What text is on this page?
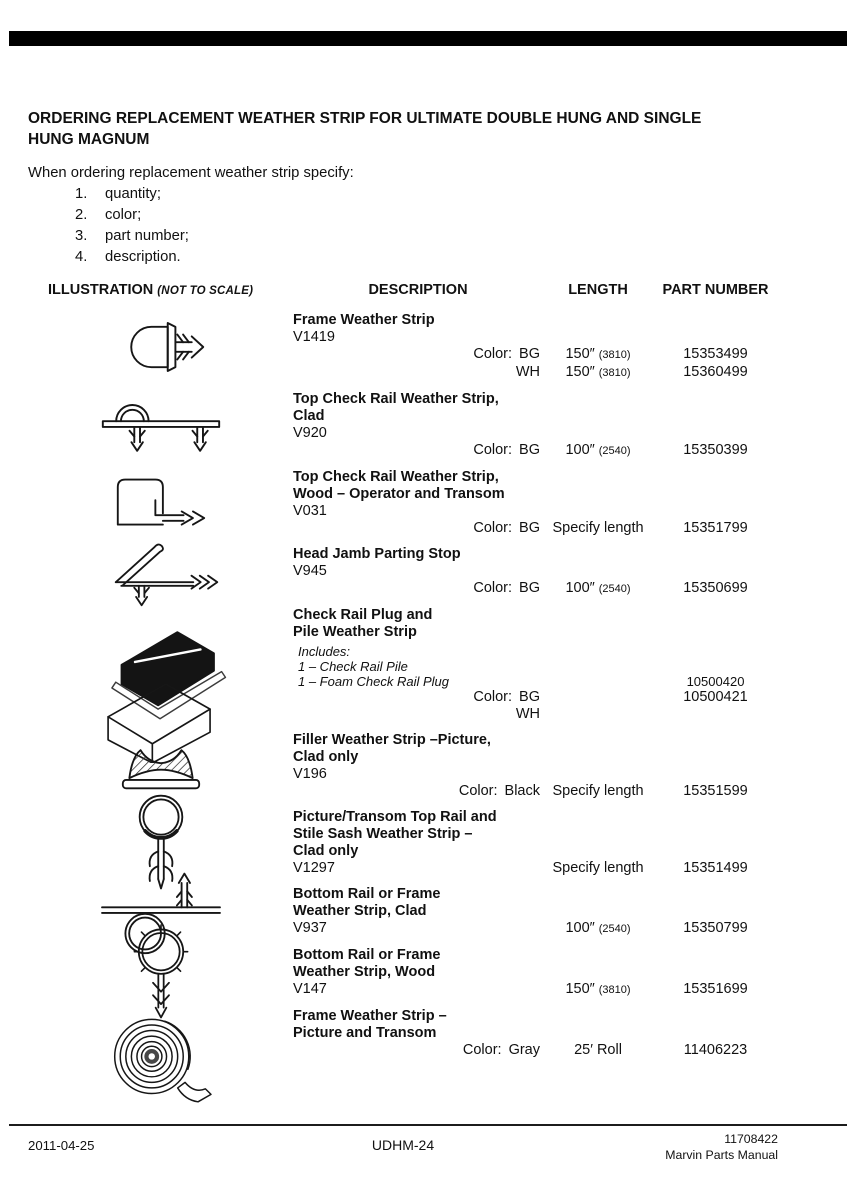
ORDERING REPLACEMENT WEATHER STRIP FOR ULTIMATE DOUBLE HUNG AND SINGLE
HUNG MAGNUM

When ordering replacement weather strip specify:

1. quantity;
2. color;
3. part number;
4. description.
ILLUSTRATION (NOT TO SCALE)	DESCRIPTION	LENGTH	PART NUMBER
Frame Weather Strip
V1419
Color: BG	150″ (3810)	15353499
WH	150″ (3810)	15360499
Top Check Rail Weather Strip,
Clad
V920
Color: BG	100″ (2540)	15350399
Top Check Rail Weather Strip,
Wood – Operator and Transom
V031
Color: BG Specify length	15351799
Head Jamb Parting Stop
V945
Color: BG	100″ (2540)	15350699
Check Rail Plug and
Pile Weather Strip
Includes:
1 – Check Rail Pile
1 – Foam Check Rail Plug	10500420
Color: BG	10500421
WH
Filler Weather Strip –Picture,
Clad only
V196
Color: Black Specify length	15351599
Picture/Transom Top Rail and
Stile Sash Weather Strip –
Clad only
V1297	Specify length	15351499
Bottom Rail or Frame
Weather Strip, Clad
V937	100″ (2540)	15350799
Bottom Rail or Frame
Weather Strip, Wood
V147	150″ (3810)	15351699
Frame Weather Strip –
Picture and Transom
Color: Gray	25′ Roll	11406223
2011-04-25	UDHM-24	11708422
Marvin Parts Manual
